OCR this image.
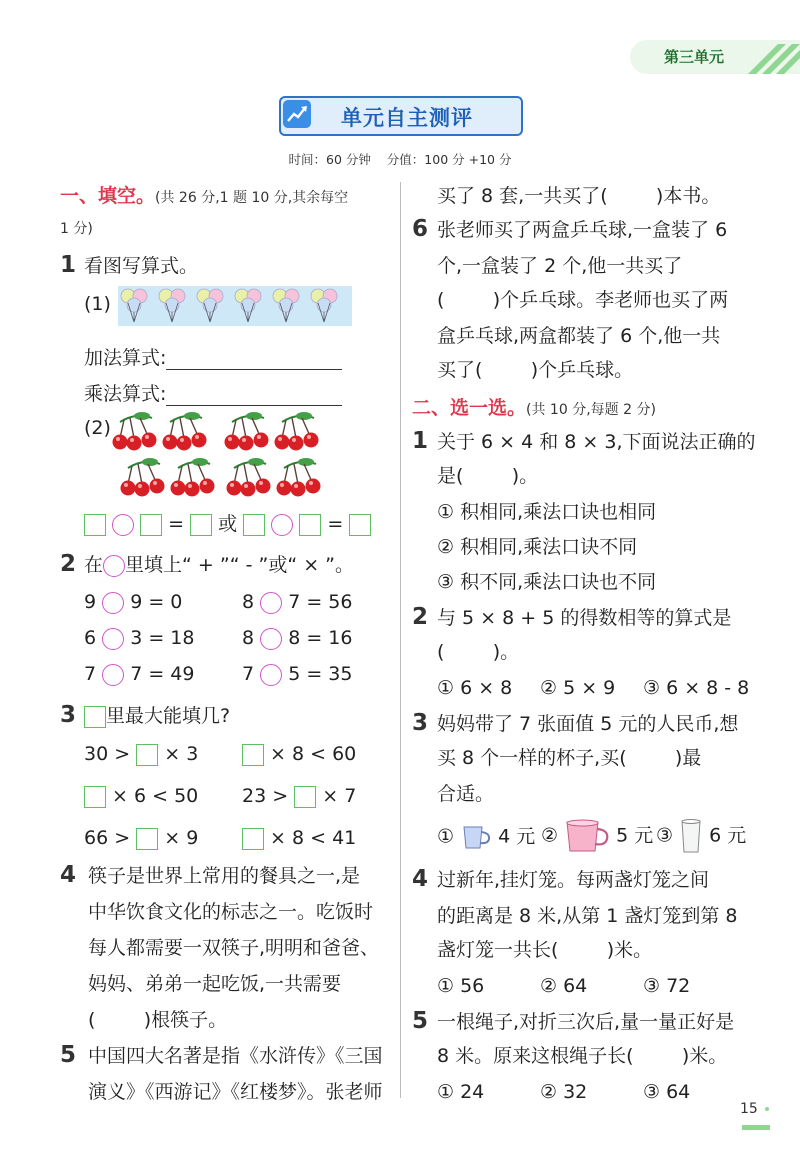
第三单元
单元自主测评
时间：60 分钟    分值：100 分 +10 分
一、填空。(共 26 分,1 题 10 分,其余每空
1 分)
1 看图写算式。
(1)
加法算式:
乘法算式:
(2)
= 或	=
2 在 里填上“ + ”“ - ”或“ × ”。
9 9 = 0	8 7 = 56
6 3 = 18	8 8 = 16
7 7 = 49	7 5 = 35
3	里最大能填几?
30 > × 3	× 8 < 60
× 6 < 50 23 > × 7
66 > × 9	× 8 < 41
4 筷子是世界上常用的餐具之一,是
中华饮食文化的标志之一。吃饭时
每人都需要一双筷子,明明和爸爸、
妈妈、弟弟一起吃饭,一共需要
(        )根筷子。
5 中国四大名著是指《水浒传》《三国
演义》《西游记》《红楼梦》。张老师
买了 8 套,一共买了(        )本书。
6 张老师买了两盒乒乓球,一盒装了 6
个,一盒装了 2 个,他一共买了
(        )个乒乓球。李老师也买了两
盒乒乓球,两盒都装了 6 个,他一共
买了(        )个乒乓球。
二、选一选。(共 10 分,每题 2 分)
1 关于 6 × 4 和 8 × 3,下面说法正确的
是(        )。
① 积相同,乘法口诀也相同
② 积相同,乘法口诀不同
③ 积不同,乘法口诀也不同
2 与 5 × 8 + 5 的得数相等的算式是
(        )。
① 6 × 8 ② 5 × 9 ③ 6 × 8 - 8
3 妈妈带了 7 张面值 5 元的人民币,想
买 8 个一样的杯子,买(        )最
合适。
① 4 元 ②	5 元 ③ 6 元
4 过新年,挂灯笼。每两盏灯笼之间
的距离是 8 米,从第 1 盏灯笼到第 8
盏灯笼一共长(        )米。
① 56	② 64	③ 72
5 一根绳子,对折三次后,量一量正好是
8 米。原来这根绳子长(        )米。
① 24	② 32	③ 64
15
